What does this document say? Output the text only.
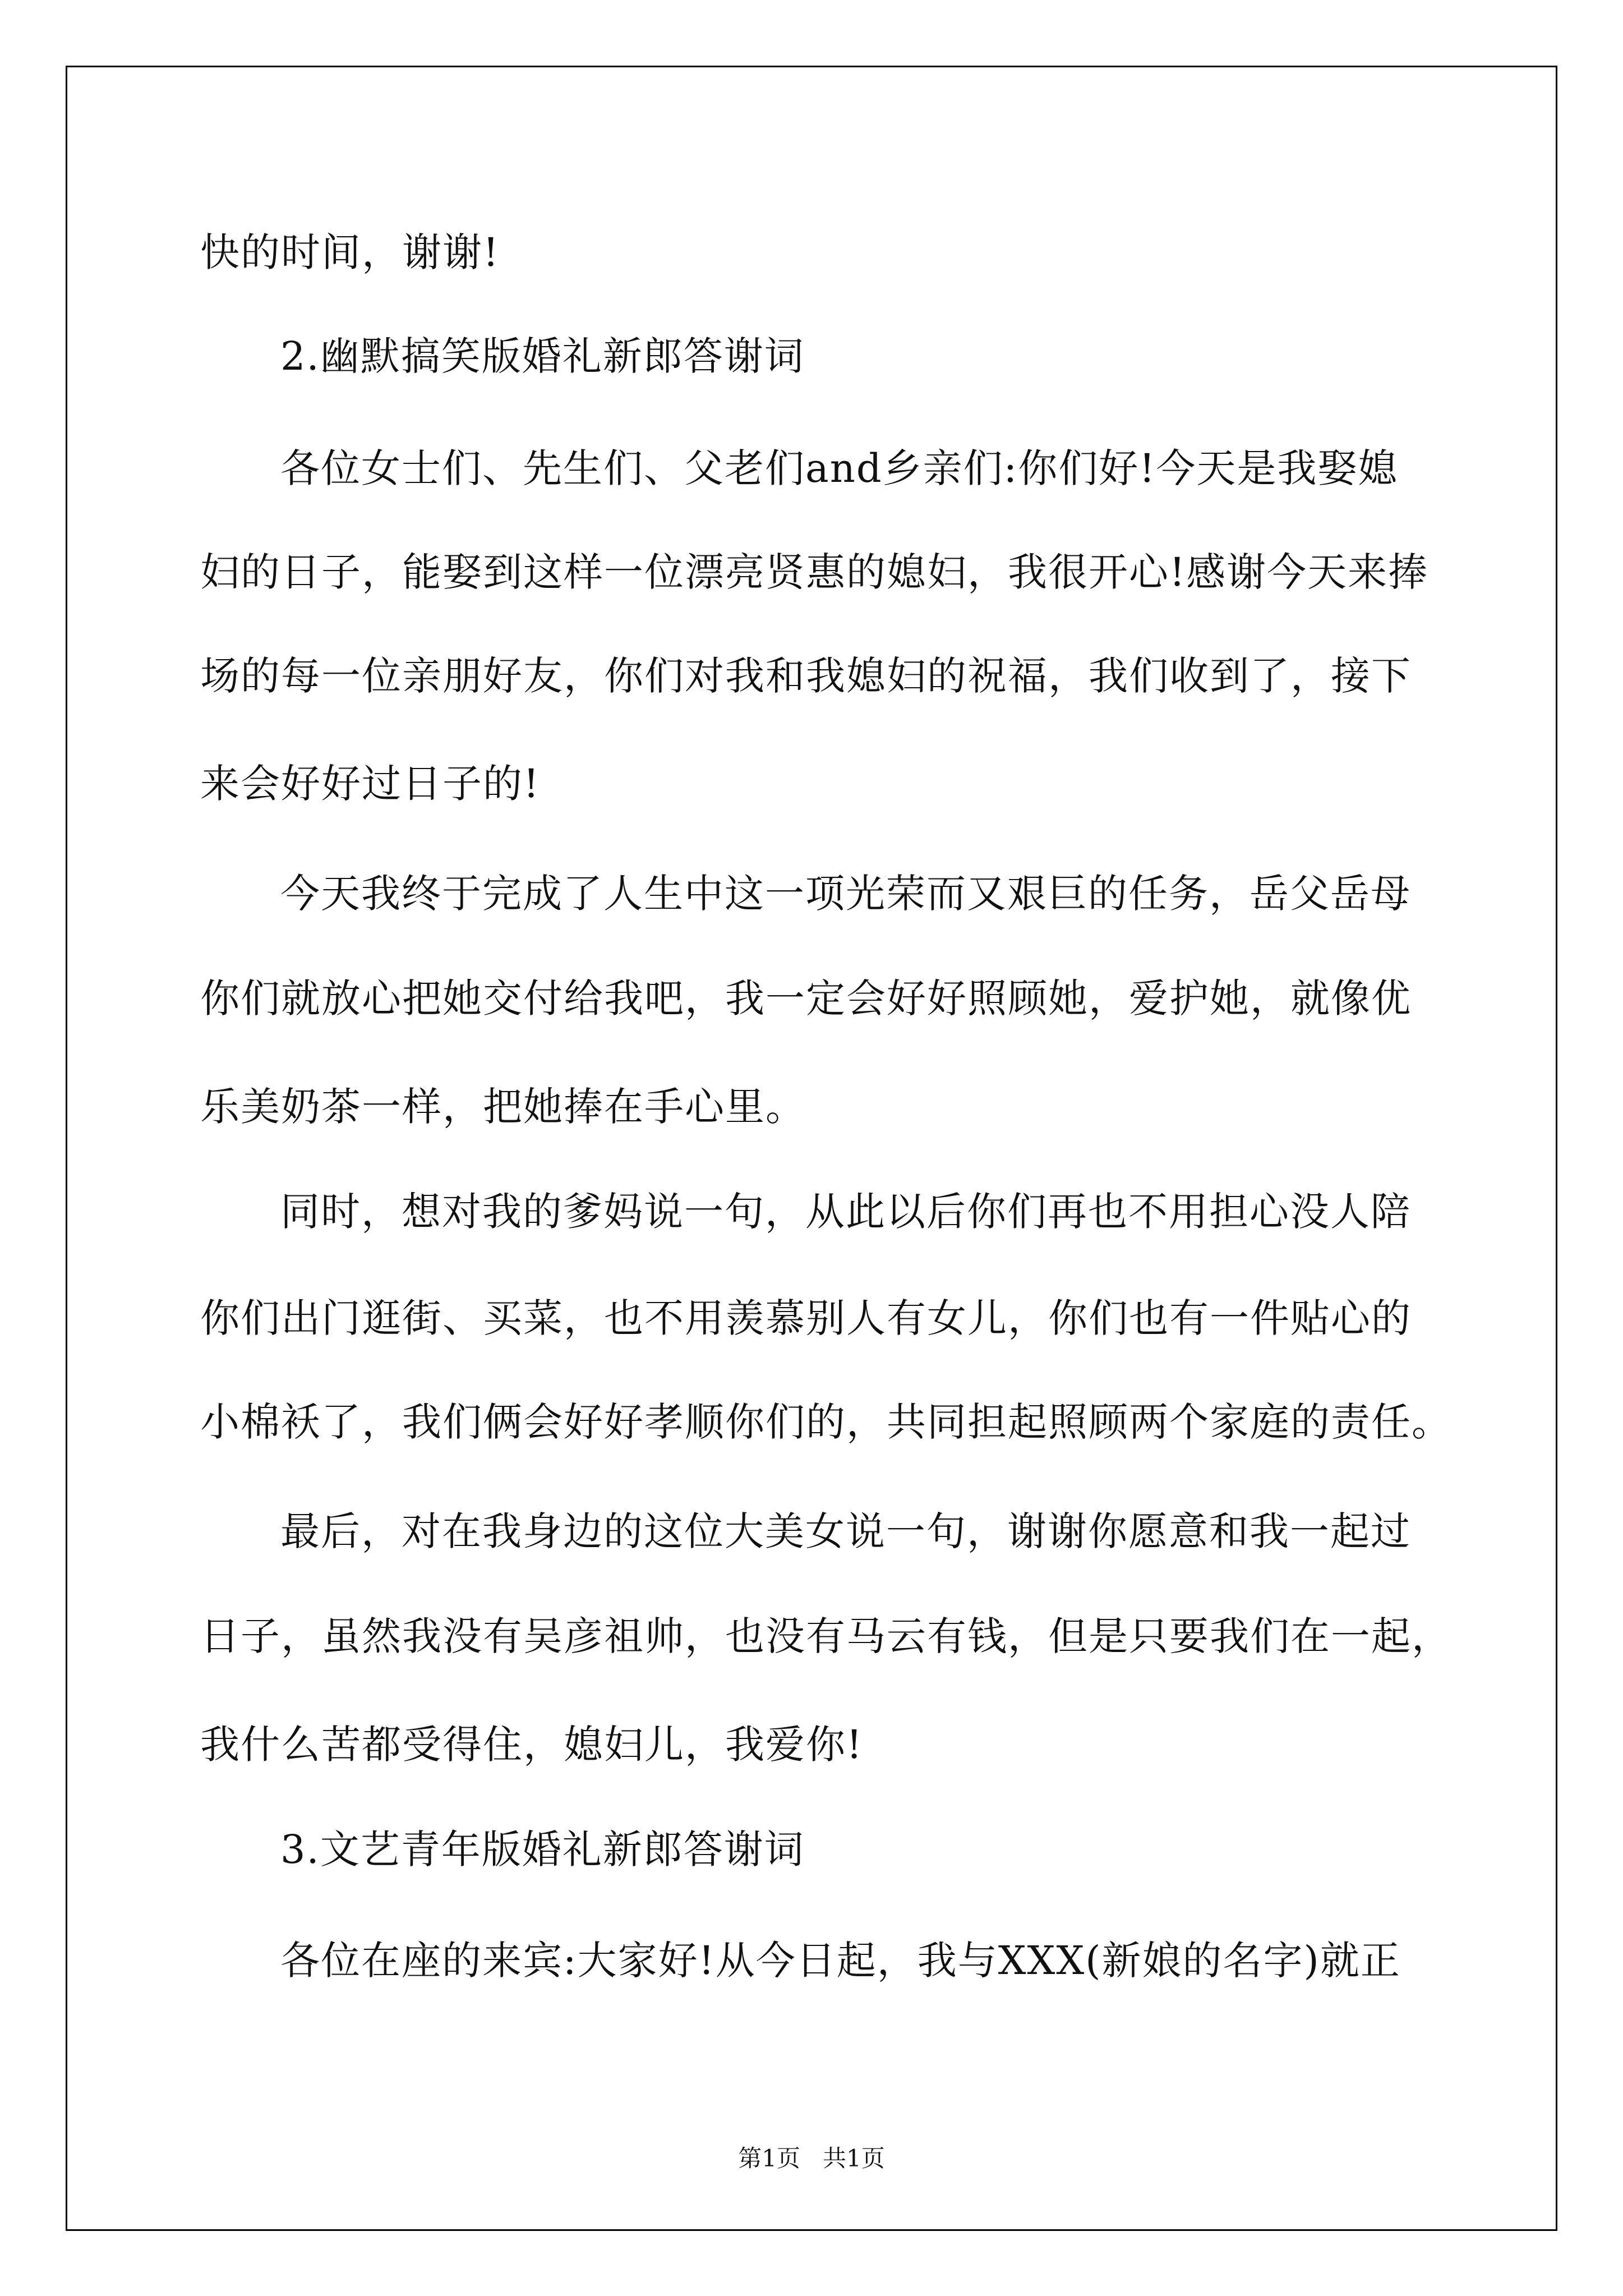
快的时间，谢谢!
2.幽默搞笑版婚礼新郎答谢词
各位女士们、先生们、父老们and乡亲们:你们好!今天是我娶媳
妇的日子，能娶到这样一位漂亮贤惠的媳妇，我很开心!感谢今天来捧
场的每一位亲朋好友，你们对我和我媳妇的祝福，我们收到了，接下
来会好好过日子的!
今天我终于完成了人生中这一项光荣而又艰巨的任务，岳父岳母
你们就放心把她交付给我吧，我一定会好好照顾她，爱护她，就像优
乐美奶茶一样，把她捧在手心里。
同时，想对我的爹妈说一句，从此以后你们再也不用担心没人陪
你们出门逛街、买菜，也不用羡慕别人有女儿，你们也有一件贴心的
小棉袄了，我们俩会好好孝顺你们的，共同担起照顾两个家庭的责任。
最后，对在我身边的这位大美女说一句，谢谢你愿意和我一起过
日子，虽然我没有吴彦祖帅，也没有马云有钱，但是只要我们在一起，
我什么苦都受得住，媳妇儿，我爱你!
3.文艺青年版婚礼新郎答谢词
各位在座的来宾:大家好!从今日起，我与XXX(新娘的名字)就正
第1页   共1页
